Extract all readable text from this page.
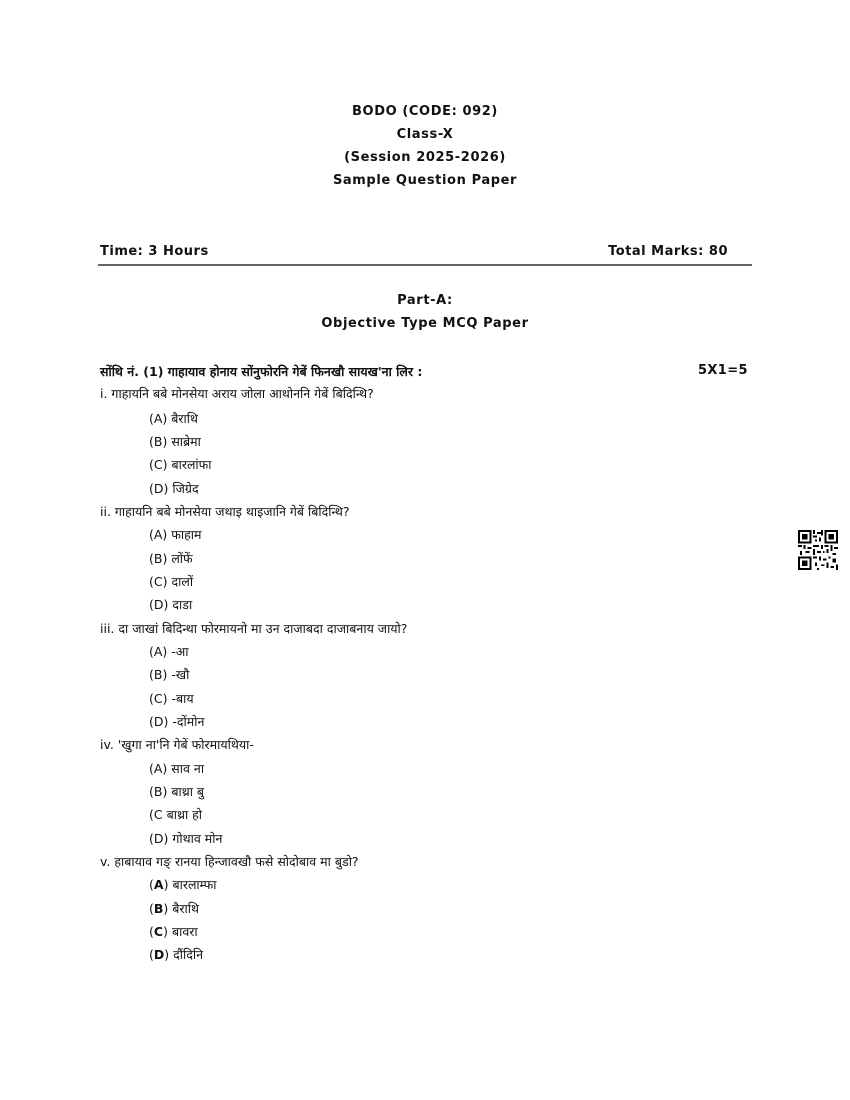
BODO (CODE: 092)
Class-X
(Session 2025-2026)
Sample Question Paper
Time: 3 Hours	Total Marks: 80
Part-A:
Objective Type MCQ Paper
सोंथि नं. (1) गाहायाव होनाय सोंनुफोरनि गेबें फिनखौ सायख'ना लिर :	5X1=5
i. गाहायनि बबे मोनसेया अराय जोला आथोननि गेबें बिदिन्थि?
(A) बैराथि
(B) साब्रेमा
(C) बारलांफा
(D) जिग्रेद
ii. गाहायनि बबे मोनसेया जथाइ थाइजानि गेबें बिदिन्थि?
(A) फाहाम
(B) लोंफें
(C) दालों
(D) दाडा
iii. दा जाखां बिदिन्था फोरमायनो मा उन दाजाबदा दाजाबनाय जायो?
(A) -आ
(B) -खौ
(C) -बाय
(D) -दोंमोन
iv. 'खुगा ना'नि गेबें फोरमायथिया-
(A) साव ना
(B) बाथ्रा बु
(C बाथ्रा हो
(D) गोथाव मोन
v. हाबायाव गङ्‌ रानया हिन्जावखौ फसे सोदोबाव मा बुडो?
(A) बारलाम्फा
(B) बैराथि
(C) बावरा
(D) दौंदिनि
